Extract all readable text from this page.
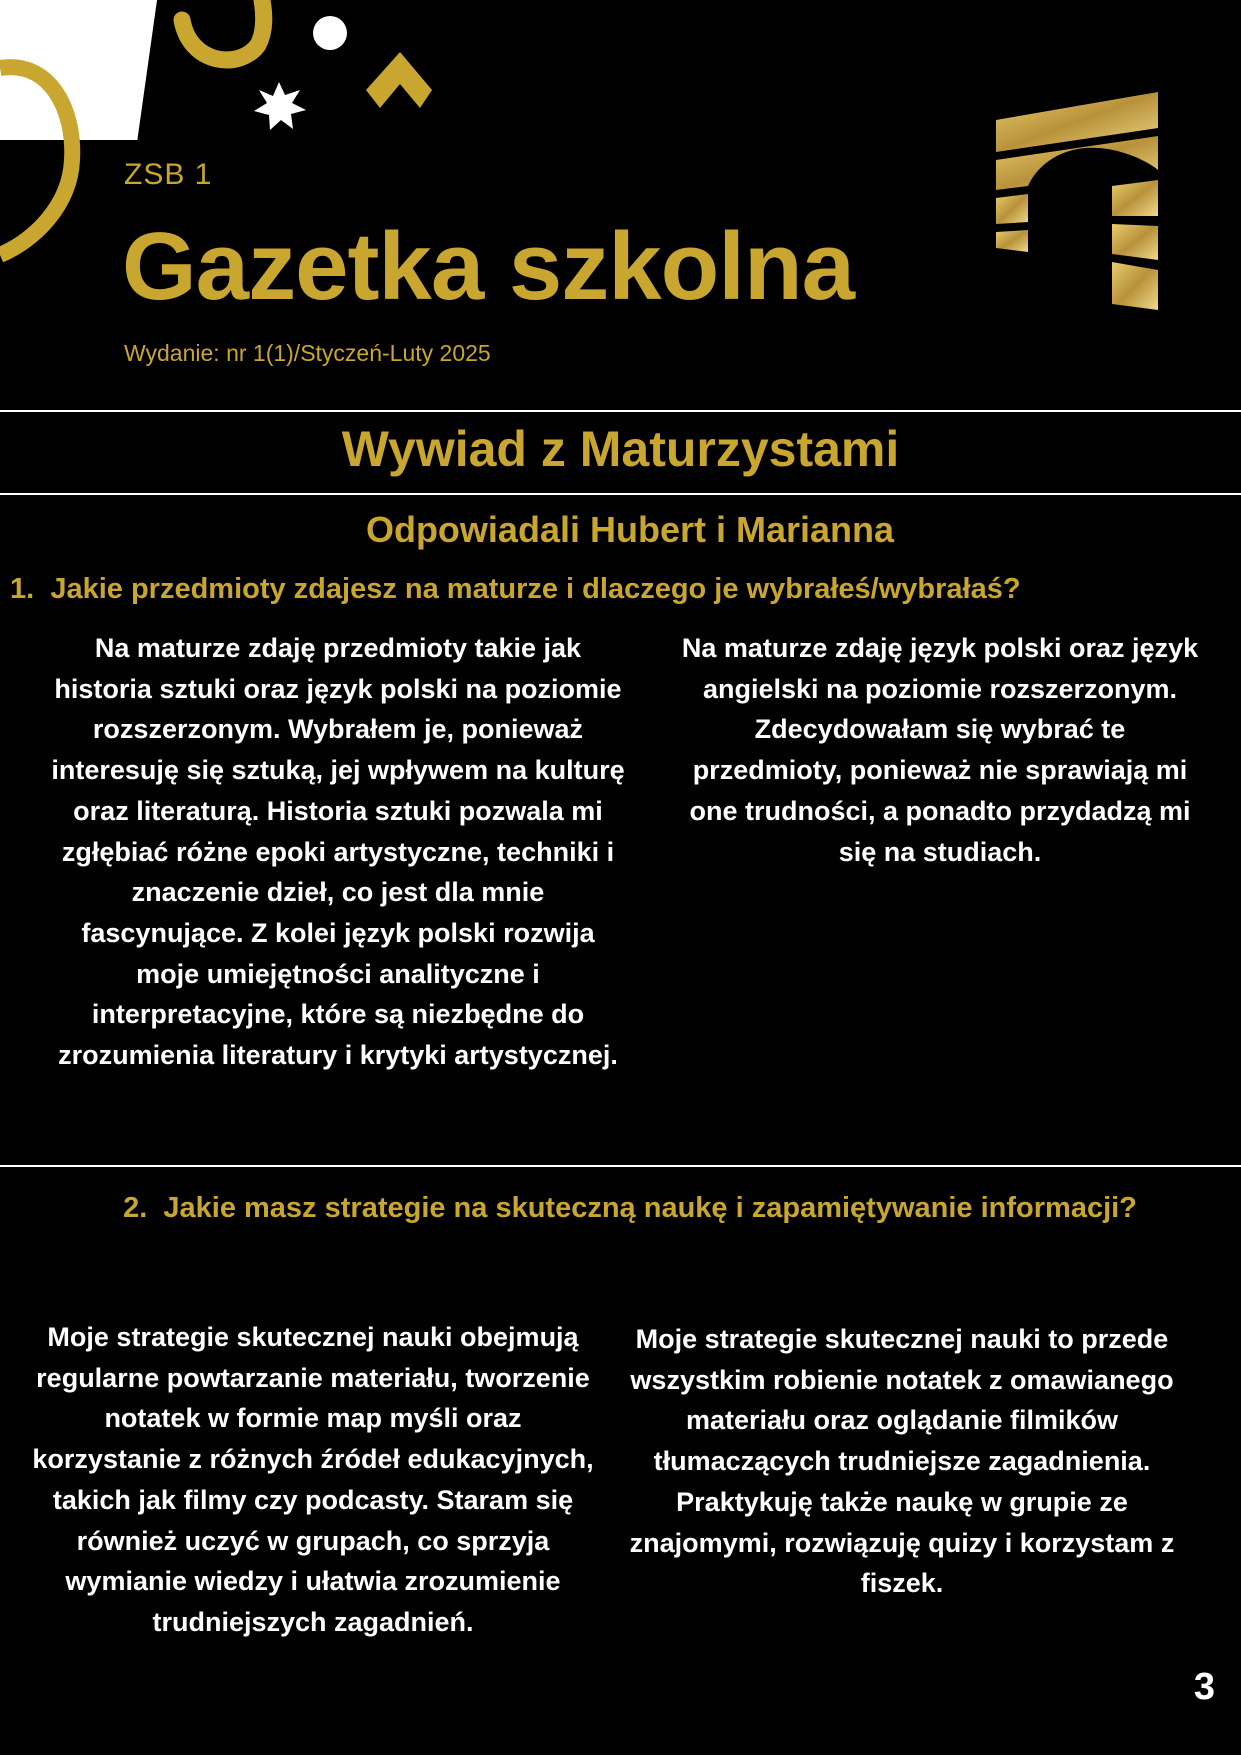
ZSB 1
Gazetka szkolna
Wydanie: nr 1(1)/Styczeń-Luty 2025
Wywiad z Maturzystami
Odpowiadali Hubert i Marianna
1. Jakie przedmioty zdajesz na maturze i dlaczego je wybrałeś/wybrałaś?
Na maturze zdaję przedmioty takie jak historia sztuki oraz język polski na poziomie rozszerzonym. Wybrałem je, ponieważ interesuję się sztuką, jej wpływem na kulturę oraz literaturą. Historia sztuki pozwala mi zgłębiać różne epoki artystyczne, techniki i znaczenie dzieł, co jest dla mnie fascynujące. Z kolei język polski rozwija moje umiejętności analityczne i interpretacyjne, które są niezbędne do zrozumienia literatury i krytyki artystycznej.
Na maturze zdaję język polski oraz język angielski na poziomie rozszerzonym. Zdecydowałam się wybrać te przedmioty, ponieważ nie sprawiają mi one trudności, a ponadto przydadzą mi się na studiach.
2. Jakie masz strategie na skuteczną naukę i zapamiętywanie informacji?
Moje strategie skutecznej nauki obejmują regularne powtarzanie materiału, tworzenie notatek w formie map myśli oraz korzystanie z różnych źródeł edukacyjnych, takich jak filmy czy podcasty. Staram się również uczyć w grupach, co sprzyja wymianie wiedzy i ułatwia zrozumienie trudniejszych zagadnień.
Moje strategie skutecznej nauki to przede wszystkim robienie notatek z omawianego materiału oraz oglądanie filmików tłumaczących trudniejsze zagadnienia. Praktykuję także naukę w grupie ze znajomymi, rozwiązuję quizy i korzystam z fiszek.
3
